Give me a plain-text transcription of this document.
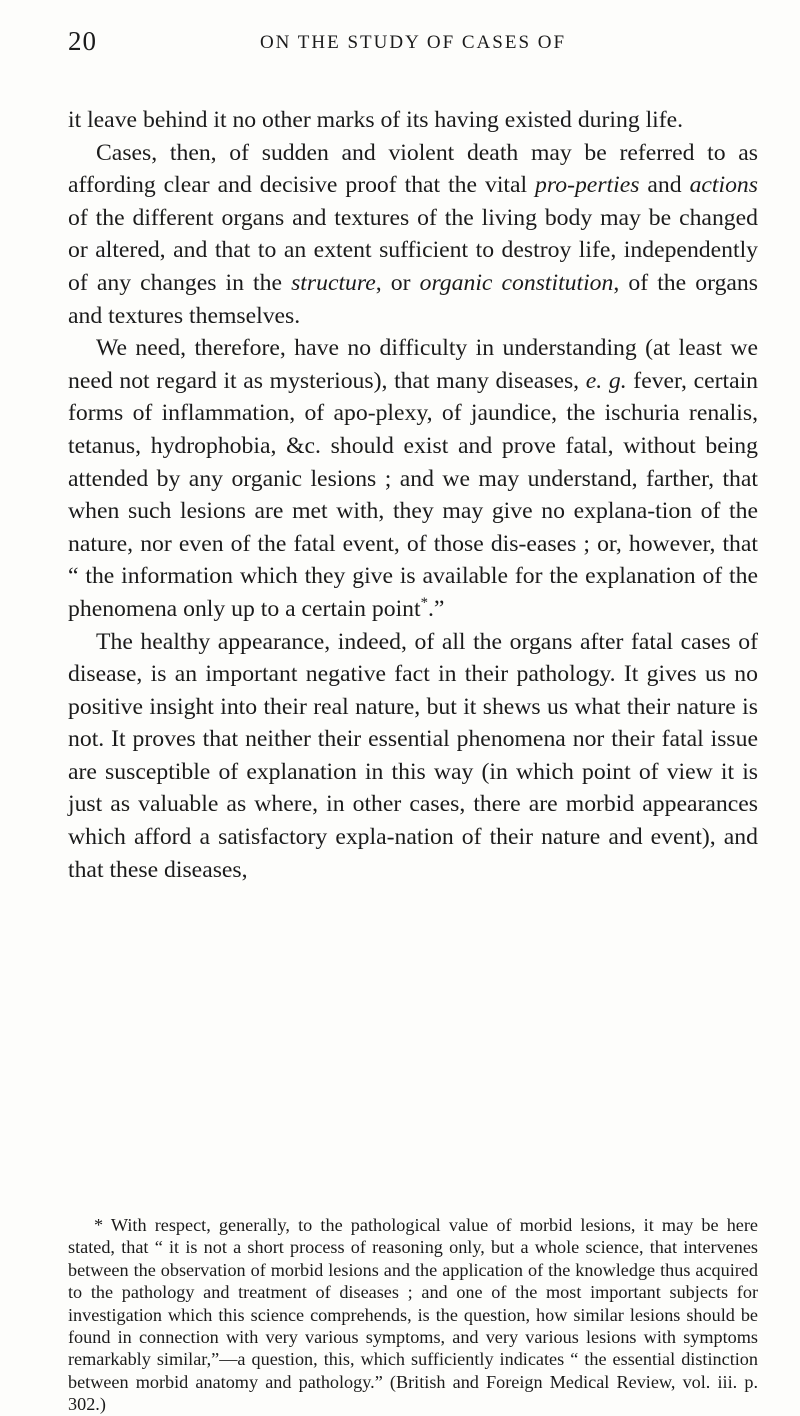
20	ON THE STUDY OF CASES OF

it leave behind it no other marks of its having existed during life.

Cases, then, of sudden and violent death may be referred to as affording clear and decisive proof that the vital pro-perties and actions of the different organs and textures of the living body may be changed or altered, and that to an extent sufficient to destroy life, independently of any changes in the structure, or organic constitution, of the organs and textures themselves.

We need, therefore, have no difficulty in understanding (at least we need not regard it as mysterious), that many diseases, e. g. fever, certain forms of inflammation, of apo-plexy, of jaundice, the ischuria renalis, tetanus, hydrophobia, &c. should exist and prove fatal, without being attended by any organic lesions ; and we may understand, farther, that when such lesions are met with, they may give no explana-tion of the nature, nor even of the fatal event, of those dis-eases ; or, however, that “ the information which they give is available for the explanation of the phenomena only up to a certain point*.”

The healthy appearance, indeed, of all the organs after fatal cases of disease, is an important negative fact in their pathology. It gives us no positive insight into their real nature, but it shews us what their nature is not. It proves that neither their essential phenomena nor their fatal issue are susceptible of explanation in this way (in which point of view it is just as valuable as where, in other cases, there are morbid appearances which afford a satisfactory expla-nation of their nature and event), and that these diseases,

* With respect, generally, to the pathological value of morbid lesions, it may be here stated, that “ it is not a short process of reasoning only, but a whole science, that intervenes between the observation of morbid lesions and the application of the knowledge thus acquired to the pathology and treatment of diseases ; and one of the most important subjects for investigation which this science comprehends, is the question, how similar lesions should be found in connection with very various symptoms, and very various lesions with symptoms remarkably similar,”—a question, this, which sufficiently indicates “ the essential distinction between morbid anatomy and pathology.” (British and Foreign Medical Review, vol. iii. p. 302.)
